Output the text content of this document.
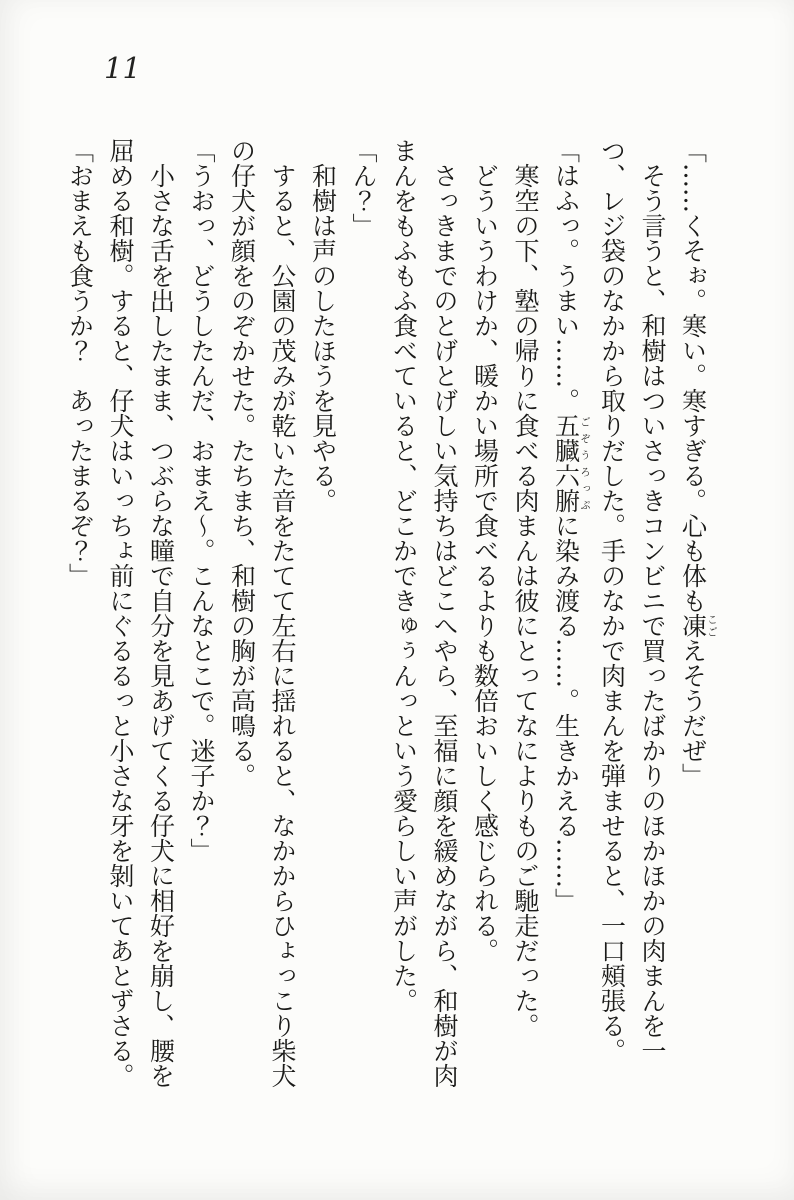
11

「……くそぉ。寒い。寒すぎる。心も体も凍こごえそうだぜ」

そう言うと、和樹はついさっきコンビニで買ったばかりのほかほかの肉まんを一つ、レジ袋のなかから取りだした。手のなかで肉まんを弾ませると、一口頰張る。

「はふっ。うまい……。五臓六腑ごぞうろっぷに染み渡る……。生きかえる……」

寒空の下、塾の帰りに食べる肉まんは彼にとってなによりものご馳走だった。

どういうわけか、暖かい場所で食べるよりも数倍おいしく感じられる。

さっきまでのとげとげしい気持ちはどこへやら、至福に顔を緩めながら、和樹が肉まんをもふもふ食べていると、どこかできゅぅんっという愛らしい声がした。

「ん？」

和樹は声のしたほうを見やる。

すると、公園の茂みが乾いた音をたてて左右に揺れると、なかからひょっこり柴犬の仔犬が顔をのぞかせた。たちまち、和樹の胸が高鳴る。

「うおっ、どうしたんだ、おまえ〜。こんなとこで。迷子か？」

小さな舌を出したまま、つぶらな瞳で自分を見あげてくる仔犬に相好を崩し、腰を屈める和樹。すると、仔犬はいっちょ前にぐるるっと小さな牙を剝いてあとずさる。

「おまえも食うか？　あったまるぞ？」
